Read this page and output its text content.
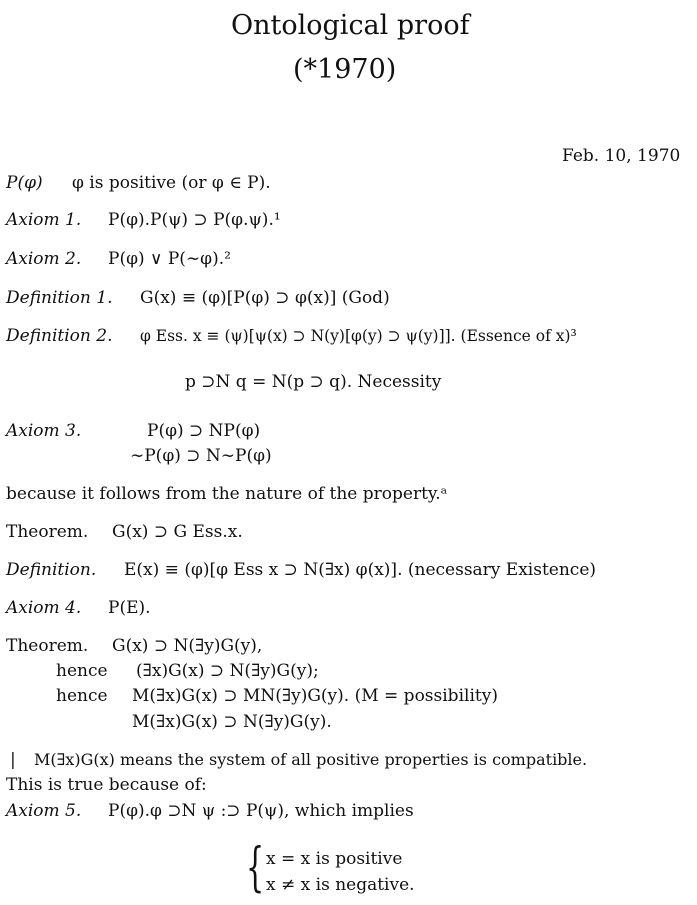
Ontological proof
(*1970)
Feb. 10, 1970
P(φ) φ is positive (or φ ∈ P).
Axiom 1. P(φ).P(ψ) ⊃ P(φ.ψ).¹
Axiom 2. P(φ) ∨ P(∼φ).²
Definition 1. G(x) ≡ (φ)[P(φ) ⊃ φ(x)] (God)
Definition 2. φ Ess. x ≡ (ψ)[ψ(x) ⊃ N(y)[φ(y) ⊃ ψ(y)]]. (Essence of x)³
p ⊃N q = N(p ⊃ q). Necessity
Axiom 3.	P(φ) ⊃ NP(φ)
∼P(φ) ⊃ N∼P(φ)
because it follows from the nature of the property.ᵃ
Theorem. G(x) ⊃ G Ess.x.
Definition. E(x) ≡ (φ)[φ Ess x ⊃ N(∃x) φ(x)]. (necessary Existence)
Axiom 4. P(E).
Theorem. G(x) ⊃ N(∃y)G(y),
hence (∃x)G(x) ⊃ N(∃y)G(y);
hence M(∃x)G(x) ⊃ MN(∃y)G(y). (M = possibility)
M(∃x)G(x) ⊃ N(∃y)G(y).
| M(∃x)G(x) means the system of all positive properties is compatible.
This is true because of:
Axiom 5. P(φ).φ ⊃N ψ :⊃ P(ψ), which implies
{ x = x is positive
x ≠ x is negative.
